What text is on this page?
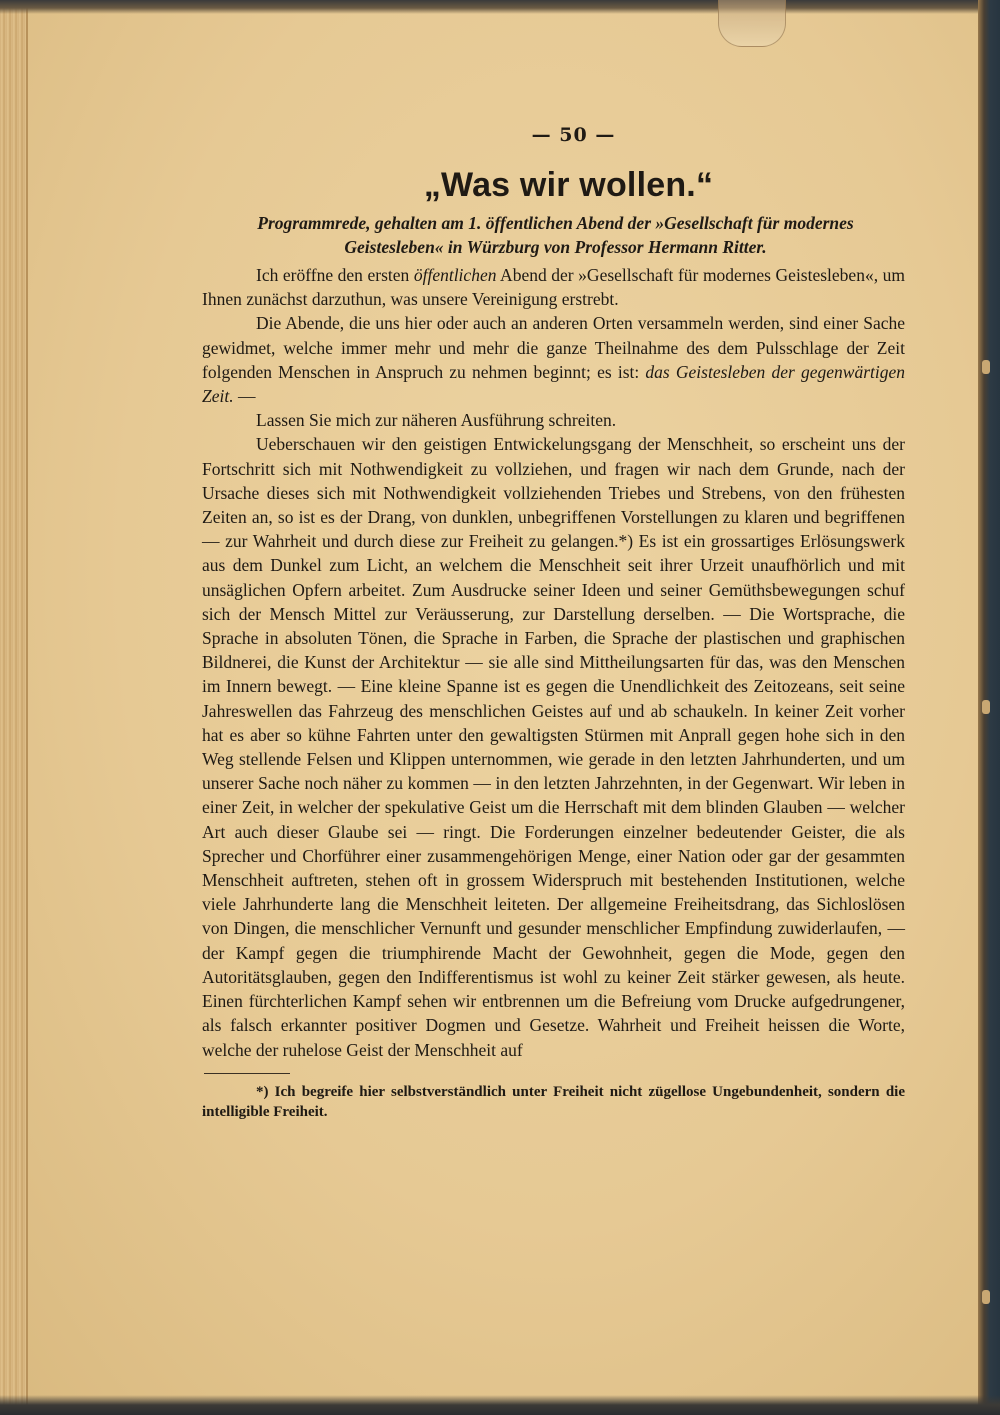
— 50 —
„Was wir wollen.“
Programmrede, gehalten am 1. öffentlichen Abend der »Gesellschaft für modernes Geistesleben« in Würzburg von Professor Hermann Ritter.

Ich eröffne den ersten öffentlichen Abend der »Gesellschaft für modernes Geistesleben«, um Ihnen zunächst darzuthun, was unsere Vereinigung erstrebt.

Die Abende, die uns hier oder auch an anderen Orten versammeln werden, sind einer Sache gewidmet, welche immer mehr und mehr die ganze Theilnahme des dem Pulsschlage der Zeit folgenden Menschen in Anspruch zu nehmen beginnt; es ist: das Geistesleben der gegenwärtigen Zeit. —

Lassen Sie mich zur näheren Ausführung schreiten.

Ueberschauen wir den geistigen Entwickelungsgang der Menschheit, so erscheint uns der Fortschritt sich mit Nothwendigkeit zu vollziehen, und fragen wir nach dem Grunde, nach der Ursache dieses sich mit Nothwendigkeit vollziehenden Triebes und Strebens, von den frühesten Zeiten an, so ist es der Drang, von dunklen, unbegriffenen Vorstellungen zu klaren und begriffenen — zur Wahrheit und durch diese zur Freiheit zu gelangen.*) Es ist ein grossartiges Erlösungswerk aus dem Dunkel zum Licht, an welchem die Menschheit seit ihrer Urzeit unaufhörlich und mit unsäglichen Opfern arbeitet. Zum Ausdrucke seiner Ideen und seiner Gemüthsbewegungen schuf sich der Mensch Mittel zur Veräusserung, zur Darstellung derselben. — Die Wortsprache, die Sprache in absoluten Tönen, die Sprache in Farben, die Sprache der plastischen und graphischen Bildnerei, die Kunst der Architektur — sie alle sind Mittheilungsarten für das, was den Menschen im Innern bewegt. — Eine kleine Spanne ist es gegen die Unendlichkeit des Zeitozeans, seit seine Jahreswellen das Fahrzeug des menschlichen Geistes auf und ab schaukeln. In keiner Zeit vorher hat es aber so kühne Fahrten unter den gewaltigsten Stürmen mit Anprall gegen hohe sich in den Weg stellende Felsen und Klippen unternommen, wie gerade in den letzten Jahrhunderten, und um unserer Sache noch näher zu kommen — in den letzten Jahrzehnten, in der Gegenwart. Wir leben in einer Zeit, in welcher der spekulative Geist um die Herrschaft mit dem blinden Glauben — welcher Art auch dieser Glaube sei — ringt. Die Forderungen einzelner bedeutender Geister, die als Sprecher und Chorführer einer zusammengehörigen Menge, einer Nation oder gar der gesammten Menschheit auftreten, stehen oft in grossem Widerspruch mit bestehenden Institutionen, welche viele Jahrhunderte lang die Menschheit leiteten. Der allgemeine Freiheitsdrang, das Sichloslösen von Dingen, die menschlicher Vernunft und gesunder menschlicher Empfindung zuwiderlaufen, — der Kampf gegen die triumphirende Macht der Gewohnheit, gegen die Mode, gegen den Autoritätsglauben, gegen den Indifferentismus ist wohl zu keiner Zeit stärker gewesen, als heute. Einen fürchterlichen Kampf sehen wir entbrennen um die Befreiung vom Drucke aufgedrungener, als falsch erkannter positiver Dogmen und Gesetze. Wahrheit und Freiheit heissen die Worte, welche der ruhelose Geist der Menschheit auf

*) Ich begreife hier selbstverständlich unter Freiheit nicht zügellose Ungebundenheit, sondern die intelligible Freiheit.
